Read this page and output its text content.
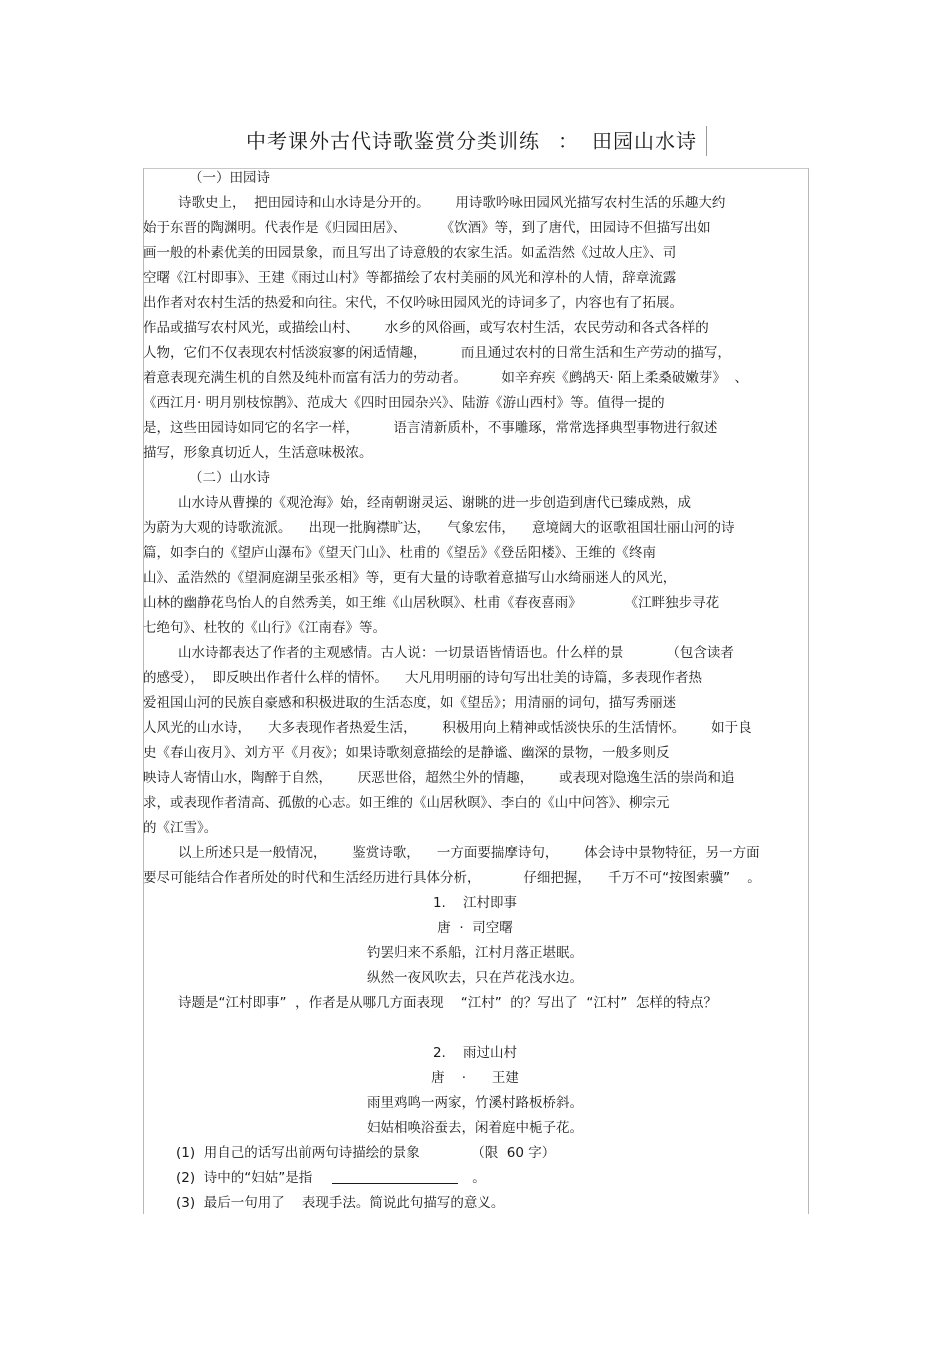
中考课外古代诗歌鉴赏分类训练 ： 田园山水诗

（一）田园诗

诗歌史上，  把田园诗和山水诗是分开的。      用诗歌吟咏田园风光描写农村生活的乐趣大约

始于东晋的陶渊明。代表作是《归园田居》、        《饮酒》等，到了唐代，田园诗不但描写出如

画一般的朴素优美的田园景象，而且写出了诗意般的农家生活。如孟浩然《过故人庄》、司

空曙《江村即事》、王建《雨过山村》等都描绘了农村美丽的风光和淳朴的人情，辞章流露

出作者对农村生活的热爱和向往。宋代，不仅吟咏田园风光的诗词多了，内容也有了拓展。

作品或描写农村风光，或描绘山村、      水乡的风俗画，或写农村生活，农民劳动和各式各样的

人物，它们不仅表现农村恬淡寂寥的闲适情趣，        而且通过农村的日常生活和生产劳动的描写，

着意表现充满生机的自然及纯朴而富有活力的劳动者。        如辛弃疾《鹧鸪天· 陌上柔桑破嫩芽》  、

《西江月· 明月别枝惊鹊》、范成大《四时田园杂兴》、陆游《游山西村》等。值得一提的

是，这些田园诗如同它的名字一样，        语言清新质朴，不事雕琢，常常选择典型事物进行叙述

描写，形象真切近人，生活意味极浓。

（二）山水诗

山水诗从曹操的《观沧海》始，经南朝谢灵运、谢眺的进一步创造到唐代已臻成熟，成

为蔚为大观的诗歌流派。    出现一批胸襟旷达，    气象宏伟，    意境阔大的讴歌祖国壮丽山河的诗

篇，如李白的《望庐山瀑布》《望天门山》、杜甫的《望岳》《登岳阳楼》、王维的《终南

山》、孟浩然的《望洞庭湖呈张丞相》等，更有大量的诗歌着意描写山水绮丽迷人的风光，

山林的幽静花鸟怡人的自然秀美，如王维《山居秋暝》、杜甫《春夜喜雨》          《江畔独步寻花

七绝句》、杜牧的《山行》《江南春》等。

山水诗都表达了作者的主观感情。古人说：一切景语皆情语也。什么样的景          （包含读者

的感受），  即反映出作者什么样的情怀。    大凡用明丽的诗句写出壮美的诗篇，多表现作者热

爱祖国山河的民族自豪感和积极进取的生活态度，如《望岳》；用清丽的词句，描写秀丽迷

人风光的山水诗，    大多表现作者热爱生活，      积极用向上精神或恬淡快乐的生活情怀。      如于良

史《春山夜月》、刘方平《月夜》；如果诗歌刻意描绘的是静谧、幽深的景物，一般多则反

映诗人寄情山水，陶醉于自然，      厌恶世俗，超然尘外的情趣，      或表现对隐逸生活的崇尚和追

求，或表现作者清高、孤傲的心志。如王维的《山居秋暝》、李白的《山中问答》、柳宗元

的《江雪》。

以上所述只是一般情况，      鉴赏诗歌，    一方面要揣摩诗句，      体会诗中景物特征，另一方面

要尽可能结合作者所处的时代和生活经历进行具体分析，          仔细把握，    千万不可“按图索骥”    。

1.    江村即事

唐  ·  司空曙

钓罢归来不系船，江村月落正堪眠。

纵然一夜风吹去，只在芦花浅水边。

诗题是“江村即事”  ，作者是从哪几方面表现    “江村”  的？写出了  “江村”  怎样的特点？

2.    雨过山村

唐    ·      王建

雨里鸡鸣一两家，竹溪村路板桥斜。

妇姑相唤浴蚕去，闲着庭中栀子花。

(1)  用自己的话写出前两句诗描绘的景象            （限  60 字）

(2)  诗中的“妇姑”是指	。

(3)  最后一句用了    表现手法。简说此句描写的意义。
